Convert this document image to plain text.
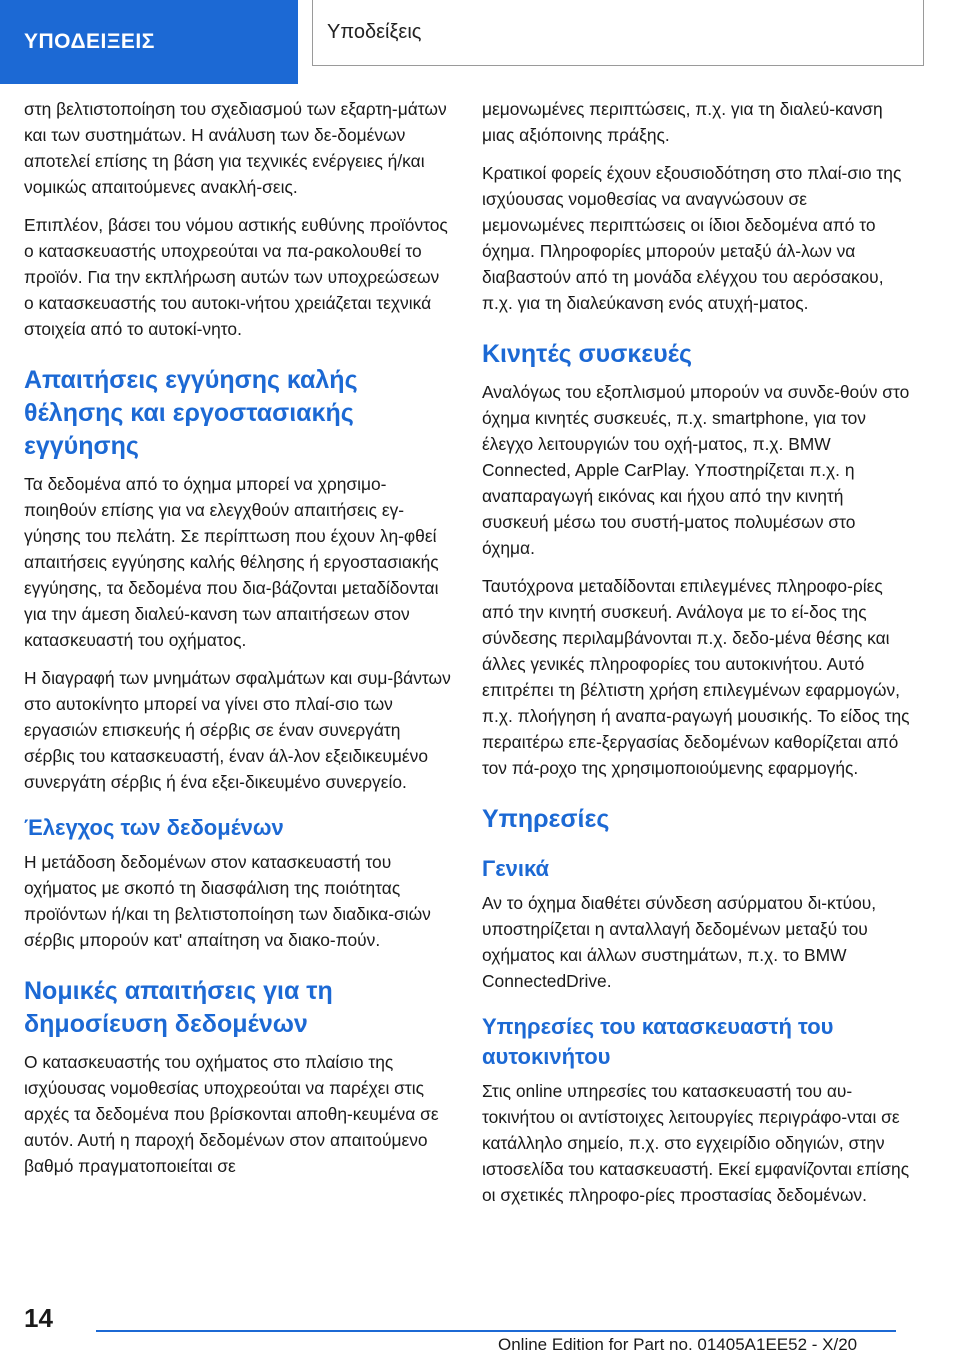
ΥΠΟΔΕΙΞΕΙΣ	Υποδείξεις

στη βελτιστοποίηση του σχεδιασμού των εξαρτη-μάτων και των συστημάτων. Η ανάλυση των δε-δομένων αποτελεί επίσης τη βάση για τεχνικές ενέργειες ή/και νομικώς απαιτούμενες ανακλή-σεις.

Επιπλέον, βάσει του νόμου αστικής ευθύνης προϊόντος ο κατασκευαστής υποχρεούται να πα-ρακολουθεί το προϊόν. Για την εκπλήρωση αυτών των υποχρεώσεων ο κατασκευαστής του αυτοκι-νήτου χρειάζεται τεχνικά στοιχεία από το αυτοκί-νητο.

Απαιτήσεις εγγύησης καλής θέλησης και εργοστασιακής εγγύησης

Τα δεδομένα από το όχημα μπορεί να χρησιμο-ποιηθούν επίσης για να ελεγχθούν απαιτήσεις εγ-γύησης του πελάτη. Σε περίπτωση που έχουν λη-φθεί απαιτήσεις εγγύησης καλής θέλησης ή εργοστασιακής εγγύησης, τα δεδομένα που δια-βάζονται μεταδίδονται για την άμεση διαλεύ-κανση των απαιτήσεων στον κατασκευαστή του οχήματος.

Η διαγραφή των μνημάτων σφαλμάτων και συμ-βάντων στο αυτοκίνητο μπορεί να γίνει στο πλαί-σιο των εργασιών επισκευής ή σέρβις σε έναν συνεργάτη σέρβις του κατασκευαστή, έναν άλ-λον εξειδικευμένο συνεργάτη σέρβις ή ένα εξει-δικευμένο συνεργείο.

Έλεγχος των δεδομένων

Η μετάδοση δεδομένων στον κατασκευαστή του οχήματος με σκοπό τη διασφάλιση της ποιότητας προϊόντων ή/και τη βελτιστοποίηση των διαδικα-σιών σέρβις μπορούν κατ' απαίτηση να διακο-πούν.

Νομικές απαιτήσεις για τη δημοσίευση δεδομένων

Ο κατασκευαστής του οχήματος στο πλαίσιο της ισχύουσας νομοθεσίας υποχρεούται να παρέχει στις αρχές τα δεδομένα που βρίσκονται αποθη-κευμένα σε αυτόν. Αυτή η παροχή δεδομένων στον απαιτούμενο βαθμό πραγματοποιείται σε

μεμονωμένες περιπτώσεις, π.χ. για τη διαλεύ-κανση μιας αξιόποινης πράξης.

Κρατικοί φορείς έχουν εξουσιοδότηση στο πλαί-σιο της ισχύουσας νομοθεσίας να αναγνώσουν σε μεμονωμένες περιπτώσεις οι ίδιοι δεδομένα από το όχημα. Πληροφορίες μπορούν μεταξύ άλ-λων να διαβαστούν από τη μονάδα ελέγχου του αερόσακου, π.χ. για τη διαλεύκανση ενός ατυχή-ματος.

Κινητές συσκευές

Αναλόγως του εξοπλισμού μπορούν να συνδε-θούν στο όχημα κινητές συσκευές, π.χ. smartphone, για τον έλεγχο λειτουργιών του οχή-ματος, π.χ. BMW Connected, Apple CarPlay. Υποστηρίζεται π.χ. η αναπαραγωγή εικόνας και ήχου από την κινητή συσκευή μέσω του συστή-ματος πολυμέσων στο όχημα.

Ταυτόχρονα μεταδίδονται επιλεγμένες πληροφο-ρίες από την κινητή συσκευή. Ανάλογα με το εί-δος της σύνδεσης περιλαμβάνονται π.χ. δεδο-μένα θέσης και άλλες γενικές πληροφορίες του αυτοκινήτου. Αυτό επιτρέπει τη βέλτιστη χρήση επιλεγμένων εφαρμογών, π.χ. πλοήγηση ή αναπα-ραγωγή μουσικής. Το είδος της περαιτέρω επε-ξεργασίας δεδομένων καθορίζεται από τον πά-ροχο της χρησιμοποιούμενης εφαρμογής.

Υπηρεσίες
Γενικά

Αν το όχημα διαθέτει σύνδεση ασύρματου δι-κτύου, υποστηρίζεται η ανταλλαγή δεδομένων μεταξύ του οχήματος και άλλων συστημάτων, π.χ. το BMW ConnectedDrive.

Υπηρεσίες του κατασκευαστή του αυτοκινήτου

Στις online υπηρεσίες του κατασκευαστή του αυ-τοκινήτου οι αντίστοιχες λειτουργίες περιγράφο-νται σε κατάλληλο σημείο, π.χ. στο εγχειρίδιο οδηγιών, στην ιστοσελίδα του κατασκευαστή. Εκεί εμφανίζονται επίσης οι σχετικές πληροφο-ρίες προστασίας δεδομένων.

14
Online Edition for Part no. 01405A1EE52 - X/20
